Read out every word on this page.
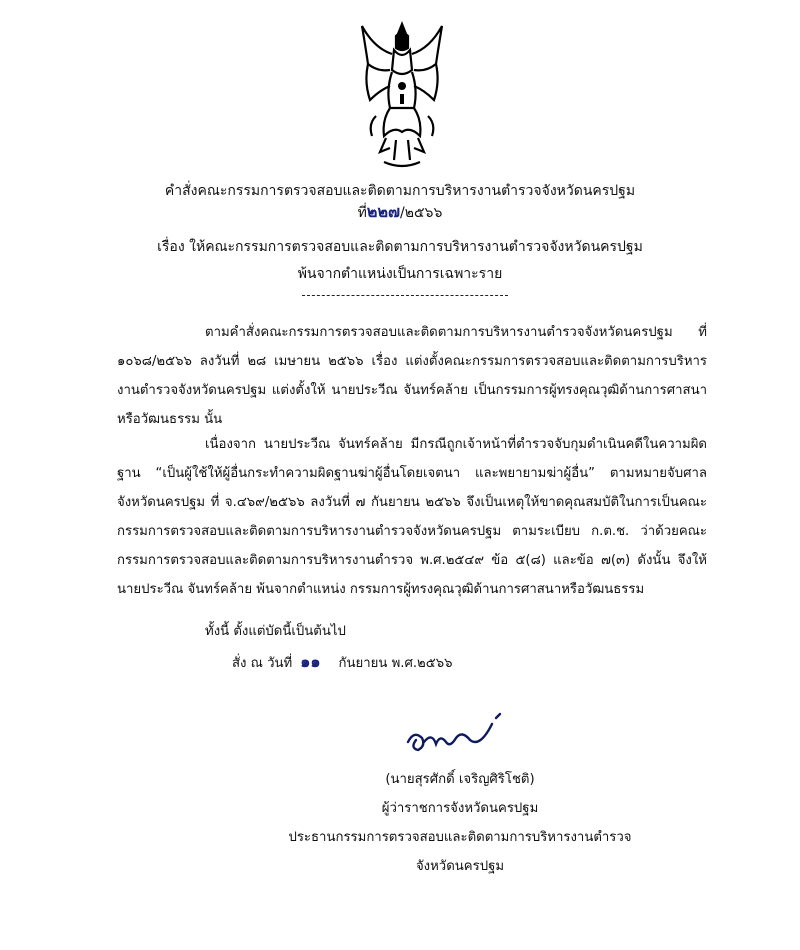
คำสั่งคณะกรรมการตรวจสอบและติดตามการบริหารงานตำรวจจังหวัดนครปฐม
ที่๒๒๗/๒๕๖๖
เรื่อง ให้คณะกรรมการตรวจสอบและติดตามการบริหารงานตำรวจจังหวัดนครปฐม
พ้นจากตำแหน่งเป็นการเฉพาะราย

ตามคำสั่งคณะกรรมการตรวจสอบและติดตามการบริหารงานตำรวจจังหวัดนครปฐม ที่ ๑๐๖๘/๒๕๖๖ ลงวันที่ ๒๘ เมษายน ๒๕๖๖ เรื่อง แต่งตั้งคณะกรรมการตรวจสอบและติดตามการบริหารงานตำรวจจังหวัดนครปฐม แต่งตั้งให้ นายประวีณ จันทร์คล้าย เป็นกรรมการผู้ทรงคุณวุฒิด้านการศาสนาหรือวัฒนธรรม นั้น

เนื่องจาก นายประวีณ จันทร์คล้าย มีกรณีถูกเจ้าหน้าที่ตำรวจจับกุมดำเนินคดีในความผิดฐาน “เป็นผู้ใช้ให้ผู้อื่นกระทำความผิดฐานฆ่าผู้อื่นโดยเจตนา และพยายามฆ่าผู้อื่น” ตามหมายจับศาลจังหวัดนครปฐม ที่ จ.๔๖๙/๒๕๖๖ ลงวันที่ ๗ กันยายน ๒๕๖๖ จึงเป็นเหตุให้ขาดคุณสมบัติในการเป็นคณะกรรมการตรวจสอบและติดตามการบริหารงานตำรวจจังหวัดนครปฐม ตามระเบียบ ก.ต.ช. ว่าด้วยคณะกรรมการตรวจสอบและติดตามการบริหารงานตำรวจ พ.ศ.๒๕๔๙ ข้อ ๕(๘) และข้อ ๗(๓) ดังนั้น จึงให้ นายประวีณ จันทร์คล้าย พ้นจากตำแหน่ง กรรมการผู้ทรงคุณวุฒิด้านการศาสนาหรือวัฒนธรรม

ทั้งนี้ ตั้งแต่บัดนี้เป็นต้นไป
สั่ง ณ วันที่ ๑๑ กันยายน พ.ศ.๒๕๖๖
(นายสุรศักดิ์ เจริญศิริโชติ)
ผู้ว่าราชการจังหวัดนครปฐม
ประธานกรรมการตรวจสอบและติดตามการบริหารงานตำรวจ
จังหวัดนครปฐม
